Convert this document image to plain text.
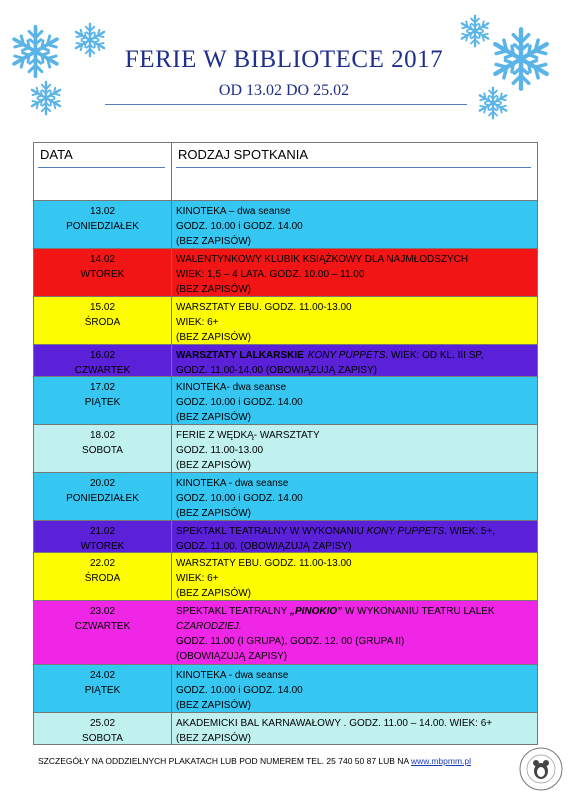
FERIE W BIBLIOTECE 2017
OD 13.02 DO 25.02
DATA	RODZAJ SPOTKANIA
13.02
PONIEDZIAŁEK
KINOTEKA – dwa seanse
GODZ. 10.00 i GODZ. 14.00
(BEZ ZAPISÓW)
14.02
WTOREK
WALENTYNKOWY KLUBIK KSIĄŻKOWY DLA NAJMŁODSZYCH
WIEK: 1,5 – 4 LATA. GODZ. 10.00 – 11.00
(BEZ ZAPISÓW)
15.02
ŚRODA
WARSZTATY EBU. GODZ. 11.00-13.00
WIEK: 6+
(BEZ ZAPISÓW)
16.02
CZWARTEK
WARSZTATY LALKARSKIE KONY PUPPETS. WIEK: OD KL. III SP,
GODZ. 11.00-14.00 (OBOWIĄZUJĄ ZAPISY)
17.02
PIĄTEK
KINOTEKA- dwa seanse
GODZ. 10.00 i GODZ. 14.00
(BEZ ZAPISÓW)
18.02
SOBOTA
FERIE Z WĘDKĄ- WARSZTATY
GODZ. 11.00-13.00
(BEZ ZAPISÓW)
20.02
PONIEDZIAŁEK
KINOTEKA - dwa seanse
GODZ. 10.00 i GODZ. 14.00
(BEZ ZAPISÓW)
21.02
WTOREK
SPEKTAKL TEATRALNY W WYKONANIU KONY PUPPETS. WIEK: 5+,
GODZ. 11.00. (OBOWIĄZUJĄ ZAPISY)
22.02
ŚRODA
WARSZTATY EBU. GODZ. 11.00-13.00
WIEK: 6+
(BEZ ZAPISÓW)
23.02
CZWARTEK
SPEKTAKL TEATRALNY „PINOKIO” W WYKONANIU TEATRU LALEK
CZARODZIEJ.
GODZ. 11.00 (I GRUPA), GODZ. 12. 00 (GRUPA II)
(OBOWIĄZUJĄ ZAPISY)
24.02
PIĄTEK
KINOTEKA - dwa seanse
GODZ. 10.00 i GODZ. 14.00
(BEZ ZAPISÓW)
25.02
SOBOTA
AKADEMICKI BAL KARNAWAŁOWY . GODZ. 11.00 – 14.00. WIEK: 6+
(BEZ ZAPISÓW)
SZCZEGÓŁY NA ODDZIELNYCH PLAKATACH LUB POD NUMEREM TEL. 25 740 50 87 LUB NA www.mbpmm.pl
